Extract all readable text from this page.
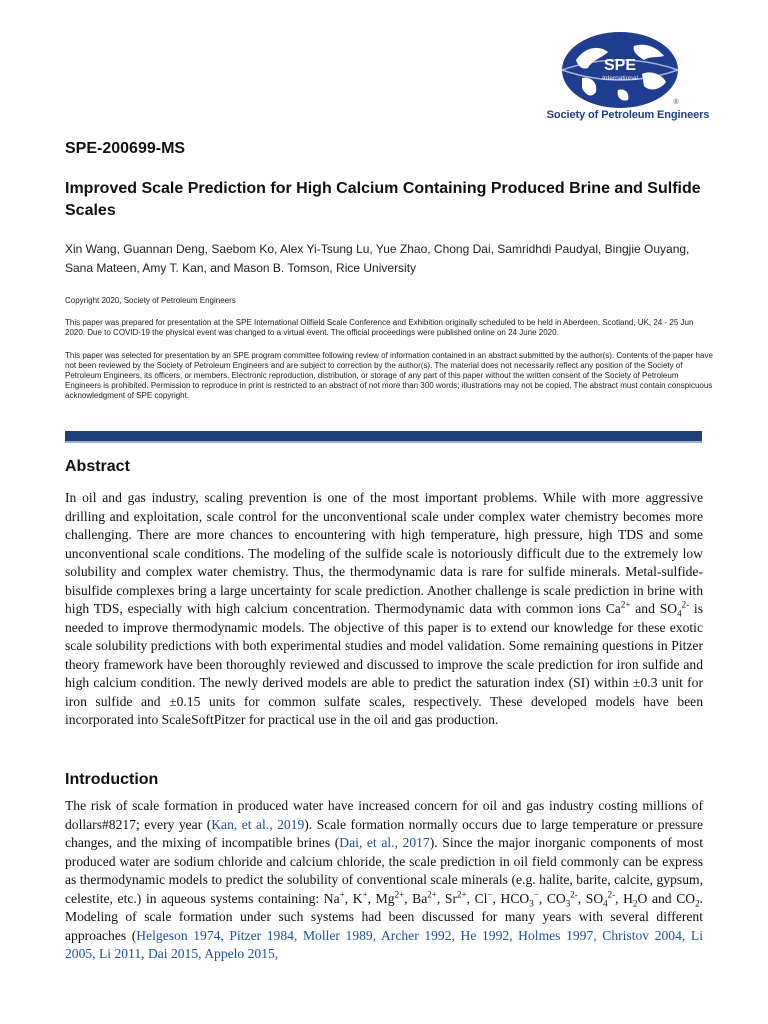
SPE
International
®
Society of Petroleum Engineers
SPE-200699-MS
Improved Scale Prediction for High Calcium Containing Produced Brine and Sulfide Scales
Xin Wang, Guannan Deng, Saebom Ko, Alex Yi-Tsung Lu, Yue Zhao, Chong Dai, Samridhdi Paudyal, Bingjie Ouyang, Sana Mateen, Amy T. Kan, and Mason B. Tomson, Rice University
Copyright 2020, Society of Petroleum Engineers
This paper was prepared for presentation at the SPE International Oilfield Scale Conference and Exhibition originally scheduled to be held in Aberdeen, Scotland, UK, 24 - 25 Jun 2020. Due to COVID-19 the physical event was changed to a virtual event. The official proceedings were published online on 24 June 2020.
This paper was selected for presentation by an SPE program committee following review of information contained in an abstract submitted by the author(s). Contents of the paper have not been reviewed by the Society of Petroleum Engineers and are subject to correction by the author(s). The material does not necessarily reflect any position of the Society of Petroleum Engineers, its officers, or members. Electronic reproduction, distribution, or storage of any part of this paper without the written consent of the Society of Petroleum Engineers is prohibited. Permission to reproduce in print is restricted to an abstract of not more than 300 words; illustrations may not be copied. The abstract must contain conspicuous acknowledgment of SPE copyright.
Abstract
In oil and gas industry, scaling prevention is one of the most important problems. While with more aggressive drilling and exploitation, scale control for the unconventional scale under complex water chemistry becomes more challenging. There are more chances to encountering with high temperature, high pressure, high TDS and some unconventional scale conditions. The modeling of the sulfide scale is notoriously difficult due to the extremely low solubility and complex water chemistry. Thus, the thermodynamic data is rare for sulfide minerals. Metal-sulfide-bisulfide complexes bring a large uncertainty for scale prediction. Another challenge is scale prediction in brine with high TDS, especially with high calcium concentration. Thermodynamic data with common ions $Ca^{2+}$ and $SO_4^{2-}$ is needed to improve thermodynamic models. The objective of this paper is to extend our knowledge for these exotic scale solubility predictions with both experimental studies and model validation. Some remaining questions in Pitzer theory framework have been thoroughly reviewed and discussed to improve the scale prediction for iron sulfide and high calcium condition. The newly derived models are able to predict the saturation index (SI) within ±0.3 unit for iron sulfide and ±0.15 units for common sulfate scales, respectively. These developed models have been incorporated into ScaleSoftPitzer for practical use in the oil and gas production.
Introduction
The risk of scale formation in produced water have increased concern for oil and gas industry costing millions of dollars#8217; every year (Kan, et al., 2019). Scale formation normally occurs due to large temperature or pressure changes, and the mixing of incompatible brines (Dai, et al., 2017). Since the major inorganic components of most produced water are sodium chloride and calcium chloride, the scale prediction in oil field commonly can be express as thermodynamic models to predict the solubility of conventional scale minerals (e.g. halite, barite, calcite, gypsum, celestite, etc.) in aqueous systems containing: Na+, K+, $Mg^{2+}$, $Ba^{2+}$, $Sr^{2+}$, Cl−, $HCO_3^-$, $CO_3^{2-}$, $SO_4^{2-}$, $H_2O$ and $CO_2$. Modeling of scale formation under such systems had been discussed for many years with several different approaches (Helgeson 1974, Pitzer 1984, Moller 1989, Archer 1992, He 1992, Holmes 1997, Christov 2004, Li 2005, Li 2011, Dai 2015, Appelo 2015,
